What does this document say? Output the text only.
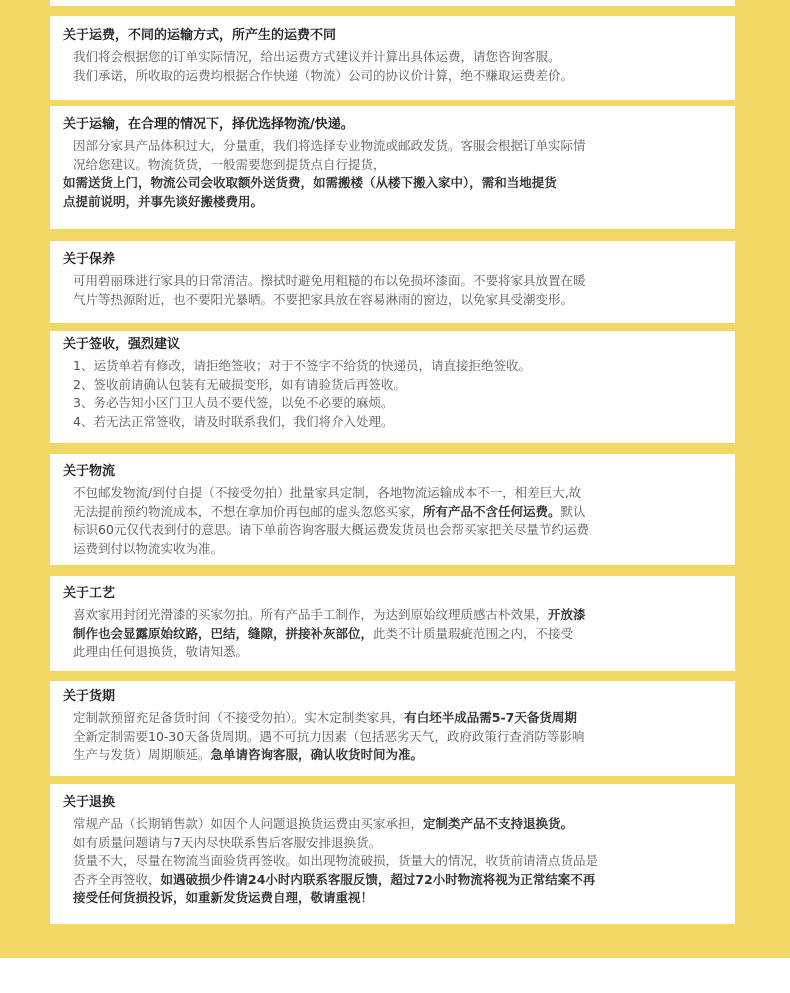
关于运费，不同的运输方式，所产生的运费不同
我们将会根据您的订单实际情况，给出运费方式建议并计算出具体运费，请您咨询客服。
我们承诺，所收取的运费均根据合作快递（物流）公司的协议价计算，绝不赚取运费差价。
关于运输，在合理的情况下，择优选择物流/快递。
因部分家具产品体积过大，分量重，我们将选择专业物流或邮政发货。客服会根据订单实际情
况给您建议。物流货货，一般需要您到提货点自行提货，
如需送货上门，物流公司会收取额外送货费，如需搬楼（从楼下搬入家中），需和当地提货
点提前说明，并事先谈好搬楼费用。
关于保养
可用碧丽珠进行家具的日常清洁。擦拭时避免用粗糙的布以免损坏漆面。不要将家具放置在暖
气片等热源附近，也不要阳光暴晒。不要把家具放在容易淋雨的窗边，以免家具受潮变形。
关于签收，强烈建议
1、运货单若有修改，请拒绝签收；对于不签字不给货的快递员，请直接拒绝签收。
2、签收前请确认包装有无破损变形，如有请验货后再签收。
3、务必告知小区门卫人员不要代签，以免不必要的麻烦。
4、若无法正常签收，请及时联系我们，我们将介入处理。
关于物流
不包邮发物流/到付自提（不接受勿拍）批量家具定制，各地物流运输成本不一，相差巨大,故
无法提前预约物流成本，不想在拿加价再包邮的虚头忽悠买家，所有产品不含任何运费。默认
标识60元仅代表到付的意思。请下单前咨询客服大概运费发货员也会帮买家把关尽量节约运费
运费到付以物流实收为准。
关于工艺
喜欢家用封闭光滑漆的买家勿拍。所有产品手工制作，为达到原始纹理质感古朴效果，开放漆
制作也会显露原始纹路，巴结，缝隙，拼接补灰部位，此类不计质量瑕疵范围之内，不接受
此理由任何退换货，敬请知悉。
关于货期
定制款预留充足备货时间（不接受勿拍）。实木定制类家具，有白坯半成品需5-7天备货周期
全新定制需要10-30天备货周期。遇不可抗力因素（包括恶劣天气，政府政策行查消防等影响
生产与发货）周期顺延。急单请咨询客服，确认收货时间为准。
关于退换
常规产品（长期销售款）如因个人问题退换货运费由买家承担，定制类产品不支持退换货。
如有质量问题请与7天内尽快联系售后客服安排退换货。
货量不大，尽量在物流当面验货再签收。如出现物流破损，货量大的情况，收货前请清点货品是
否齐全再签收，如遇破损少件请24小时内联系客服反馈，超过72小时物流将视为正常结案不再
接受任何货损投诉，如重新发货运费自理，敬请重视！
